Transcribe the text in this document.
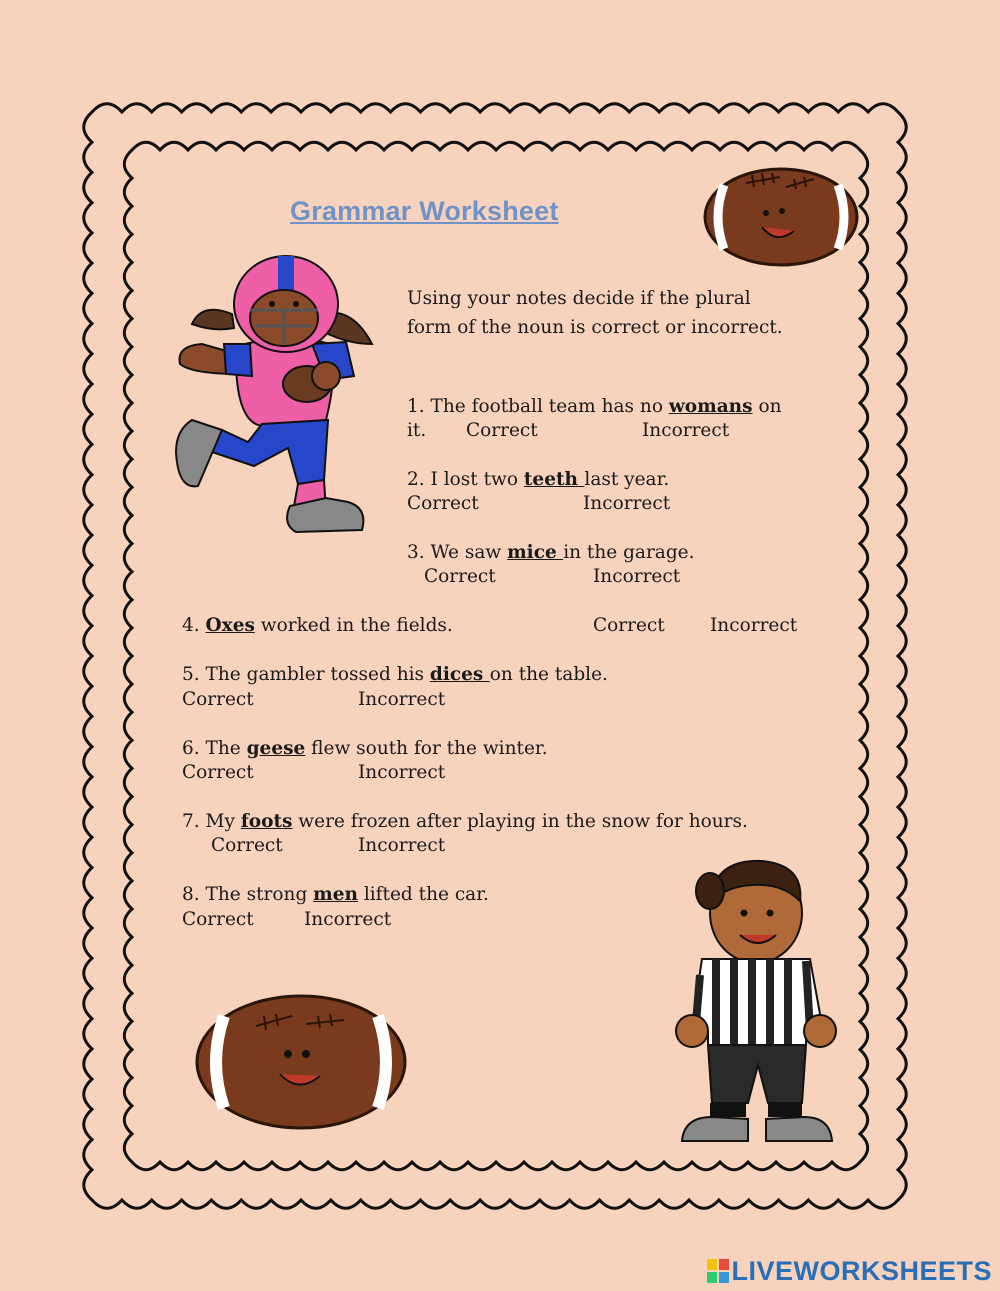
Grammar Worksheet
Using your notes decide if the plural
form of the noun is correct or incorrect.
1. The football team has no womans on
it. Correct	Incorrect
2. I lost two teeth last year.
Correct	Incorrect
3. We saw mice in the garage.
Correct	Incorrect
4. Oxes worked in the fields.	Correct Incorrect
5. The gambler tossed his dices on the table.
Correct	Incorrect
6. The geese flew south for the winter.
Correct	Incorrect
7. My foots were frozen after playing in the snow for hours.
Correct	Incorrect
8. The strong men lifted the car.
Correct	Incorrect
LIVEWORKSHEETS
